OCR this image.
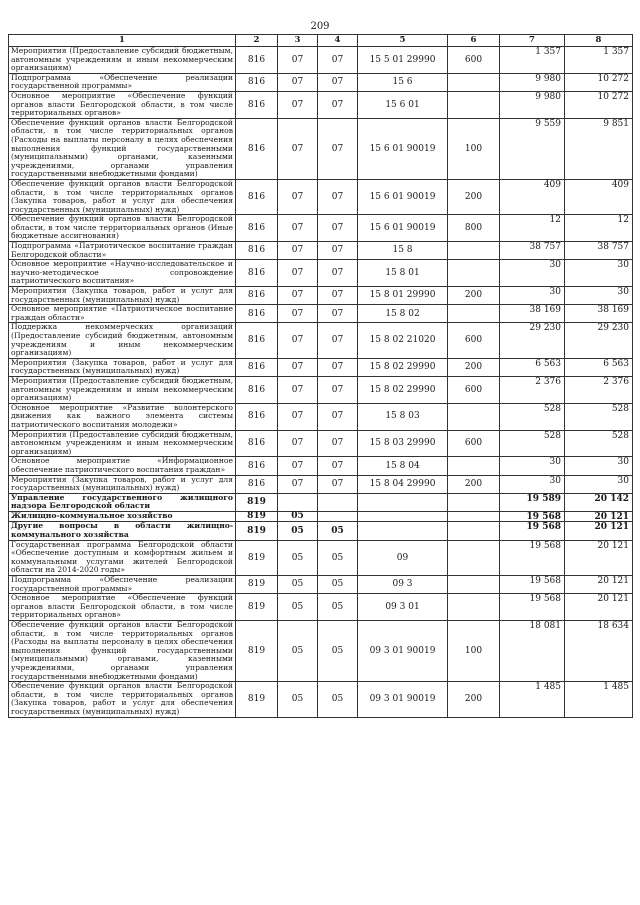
209
1	2	3	4	5	6	7	8
Мероприятия (Предоставление субсидий бюджетным, автономным учреждениям и иным некоммерческим организациям)	816	07	07	15 5 01 29990	600	1 357	1 357
Подпрограмма «Обеспечение реализации государственной программы»	816	07	07	15 6		9 980	10 272
Основное мероприятие «Обеспечение функций органов власти Белгородской области, в том числе территориальных органов»	816	07	07	15 6 01		9 980	10 272
Обеспечение функций органов власти Белгородской области, в том числе территориальных органов (Расходы на выплаты персоналу в целях обеспечения выполнения функций государственными (муниципальными) органами, казенными учреждениями, органами управления государственными внебюджетными фондами)	816	07	07	15 6 01 90019	100	9 559	9 851
Обеспечение функций органов власти Белгородской области, в том числе территориальных органов (Закупка товаров, работ и услуг для обеспечения государственных (муниципальных) нужд)	816	07	07	15 6 01 90019	200	409	409
Обеспечение функций органов власти Белгородской области, в том числе территориальных органов (Иные бюджетные ассигнования)	816	07	07	15 6 01 90019	800	12	12
Подпрограмма «Патриотическое воспитание граждан Белгородской области»	816	07	07	15 8		38 757	38 757
Основное мероприятие «Научно-исследовательское и научно-методическое сопровождение патриотического воспитания»	816	07	07	15 8 01		30	30
Мероприятия (Закупка товаров, работ и услуг для государственных (муниципальных) нужд)	816	07	07	15 8 01 29990	200	30	30
Основное мероприятие «Патриотическое воспитание граждан области»	816	07	07	15 8 02		38 169	38 169
Поддержка некоммерческих организаций (Предоставление субсидий бюджетным, автономным учреждениям и иным некоммерческим организациям)	816	07	07	15 8 02 21020	600	29 230	29 230
Мероприятия (Закупка товаров, работ и услуг для государственных (муниципальных) нужд)	816	07	07	15 8 02 29990	200	6 563	6 563
Мероприятия (Предоставление субсидий бюджетным, автономным учреждениям и иным некоммерческим организациям)	816	07	07	15 8 02 29990	600	2 376	2 376
Основное мероприятие «Развитие волонтерского движения как важного элемента системы патриотического воспитания молодежи»	816	07	07	15 8 03		528	528
Мероприятия (Предоставление субсидий бюджетным, автономным учреждениям и иным некоммерческим организациям)	816	07	07	15 8 03 29990	600	528	528
Основное мероприятие «Информационное обеспечение патриотического воспитания граждан»	816	07	07	15 8 04		30	30
Мероприятия (Закупка товаров, работ и услуг для государственных (муниципальных) нужд)	816	07	07	15 8 04 29990	200	30	30
Управление государственного жилищного надзора Белгородской области	819					19 589	20 142
Жилищно-коммунальное хозяйство	819	05				19 568	20 121
Другие вопросы в области жилищно-коммунального хозяйства	819	05	05			19 568	20 121
Государственная программа Белгородской области «Обеспечение доступным и комфортным жильем и коммунальными услугами жителей Белгородской области на 2014-2020 годы»	819	05	05	09		19 568	20 121
Подпрограмма «Обеспечение реализации государственной программы»	819	05	05	09 3		19 568	20 121
Основное мероприятие «Обеспечение функций органов власти Белгородской области, в том числе территориальных органов»	819	05	05	09 3 01		19 568	20 121
Обеспечение функций органов власти Белгородской области, в том числе территориальных органов (Расходы на выплаты персоналу в целях обеспечения выполнения функций государственными (муниципальными) органами, казенными учреждениями, органами управления государственными внебюджетными фондами)	819	05	05	09 3 01 90019	100	18 081	18 634
Обеспечение функций органов власти Белгородской области, в том числе территориальных органов (Закупка товаров, работ и услуг для обеспечения государственных (муниципальных) нужд)	819	05	05	09 3 01 90019	200	1 485	1 485
